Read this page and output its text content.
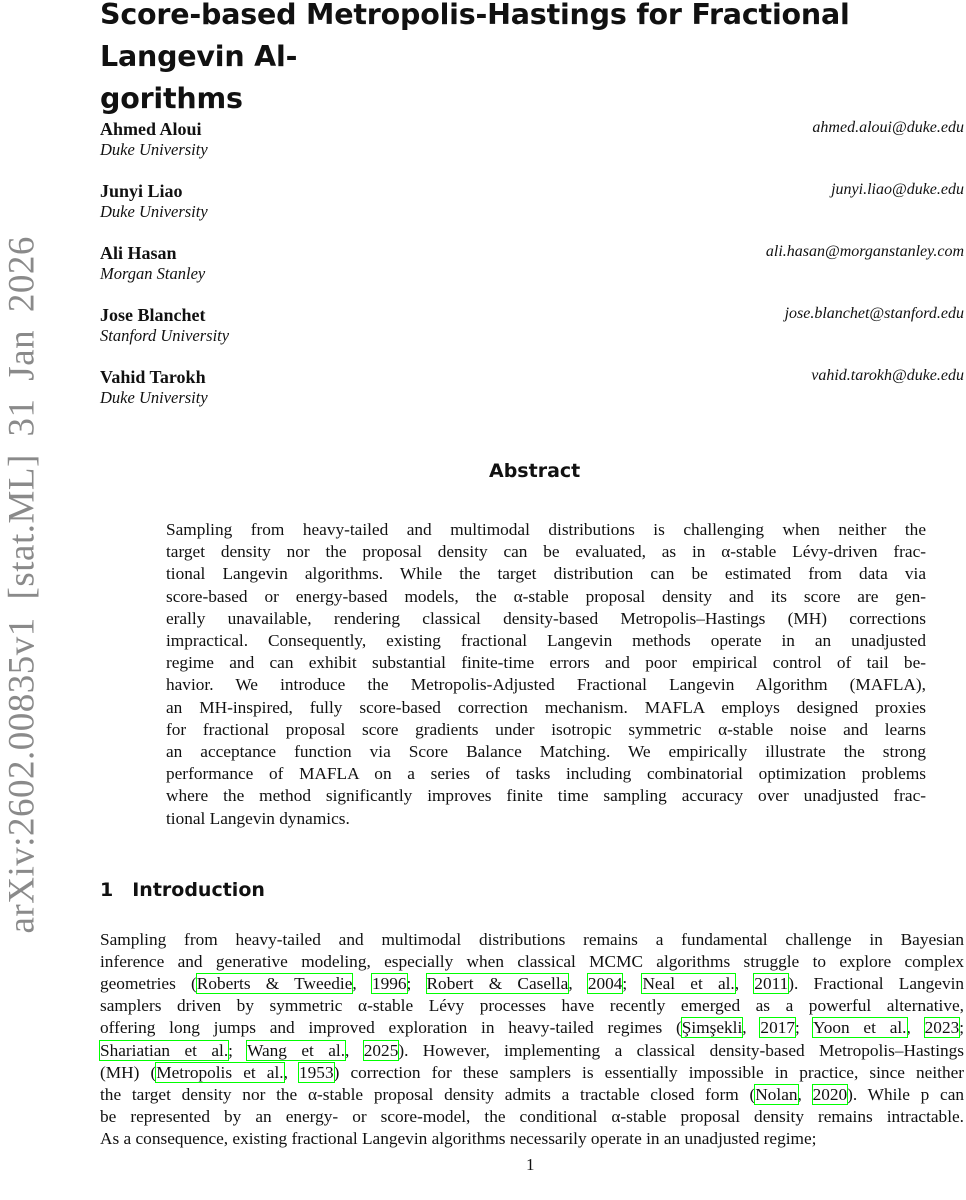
arXiv:2602.00835v1 [stat.ML] 31 Jan 2026
Score-based Metropolis-Hastings for Fractional Langevin Al-
gorithms
Ahmed Aloui
Duke University
ahmed.aloui@duke.edu
Junyi Liao
Duke University
junyi.liao@duke.edu
Ali Hasan
Morgan Stanley
ali.hasan@morganstanley.com
Jose Blanchet
Stanford University
jose.blanchet@stanford.edu
Vahid Tarokh
Duke University
vahid.tarokh@duke.edu
Abstract
Sampling from heavy-tailed and multimodal distributions is challenging when neither the
target density nor the proposal density can be evaluated, as in α-stable Lévy-driven frac-
tional Langevin algorithms. While the target distribution can be estimated from data via
score-based or energy-based models, the α-stable proposal density and its score are gen-
erally unavailable, rendering classical density-based Metropolis–Hastings (MH) corrections
impractical. Consequently, existing fractional Langevin methods operate in an unadjusted
regime and can exhibit substantial finite-time errors and poor empirical control of tail be-
havior. We introduce the Metropolis-Adjusted Fractional Langevin Algorithm (MAFLA),
an MH-inspired, fully score-based correction mechanism. MAFLA employs designed proxies
for fractional proposal score gradients under isotropic symmetric α-stable noise and learns
an acceptance function via Score Balance Matching. We empirically illustrate the strong
performance of MAFLA on a series of tasks including combinatorial optimization problems
where the method significantly improves finite time sampling accuracy over unadjusted frac-
tional Langevin dynamics.
1 Introduction
Sampling from heavy-tailed and multimodal distributions remains a fundamental challenge in Bayesian
inference and generative modeling, especially when classical MCMC algorithms struggle to explore complex
geometries (Roberts & Tweedie, 1996; Robert & Casella, 2004; Neal et al., 2011). Fractional Langevin
samplers driven by symmetric α-stable Lévy processes have recently emerged as a powerful alternative,
offering long jumps and improved exploration in heavy-tailed regimes (Şimşekli, 2017; Yoon et al., 2023;
Shariatian et al.; Wang et al., 2025). However, implementing a classical density-based Metropolis–Hastings
(MH) (Metropolis et al., 1953) correction for these samplers is essentially impossible in practice, since neither
the target density nor the α-stable proposal density admits a tractable closed form (Nolan, 2020). While p can
be represented by an energy- or score-model, the conditional α-stable proposal density remains intractable.
As a consequence, existing fractional Langevin algorithms necessarily operate in an unadjusted regime;
1
